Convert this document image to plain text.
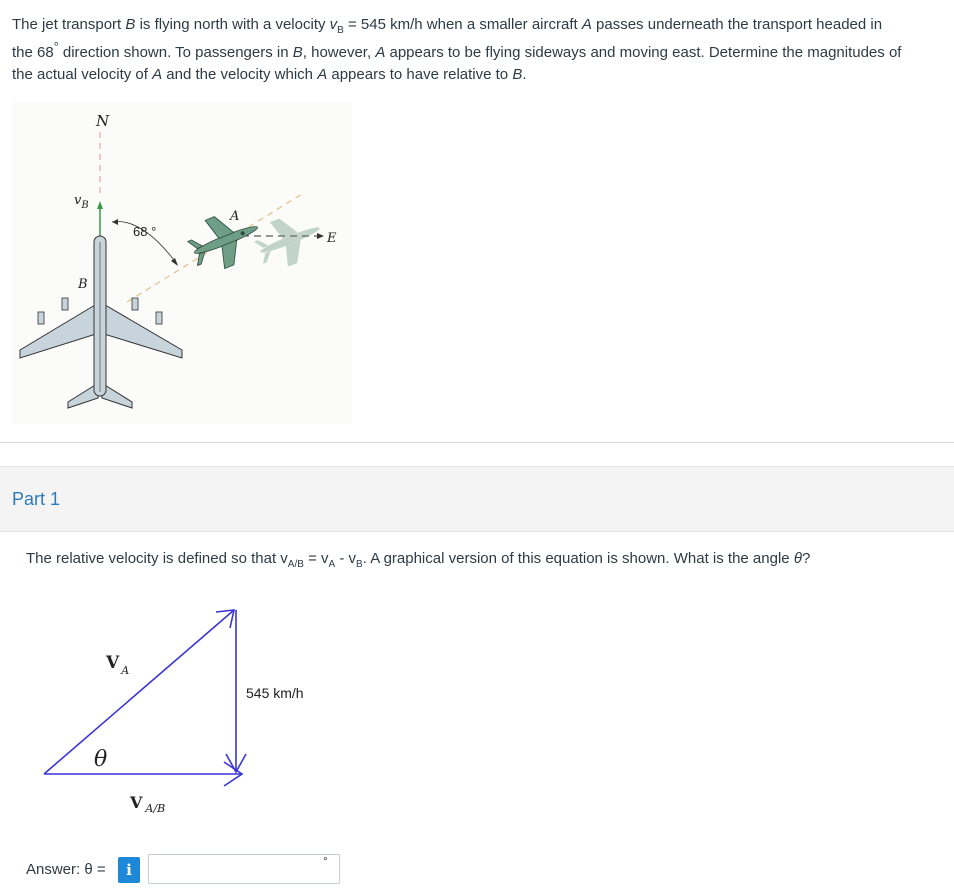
The jet transport B is flying north with a velocity $v_B = 545$ km/h when a smaller aircraft A passes underneath the transport headed in
the 68° direction shown. To passengers in B, however, A appears to be flying sideways and moving east. Determine the magnitudes of
the actual velocity of A and the velocity which A appears to have relative to B.
N
$v_B$
B
A
68 °	E
Part 1
The relative velocity is defined so that $v_{A/B} = v_A - v_B$. A graphical version of this equation is shown. What is the angle θ?
V $_A$
θ
545 km/h
V $_{A/B}$
Answer: θ =	i	°
